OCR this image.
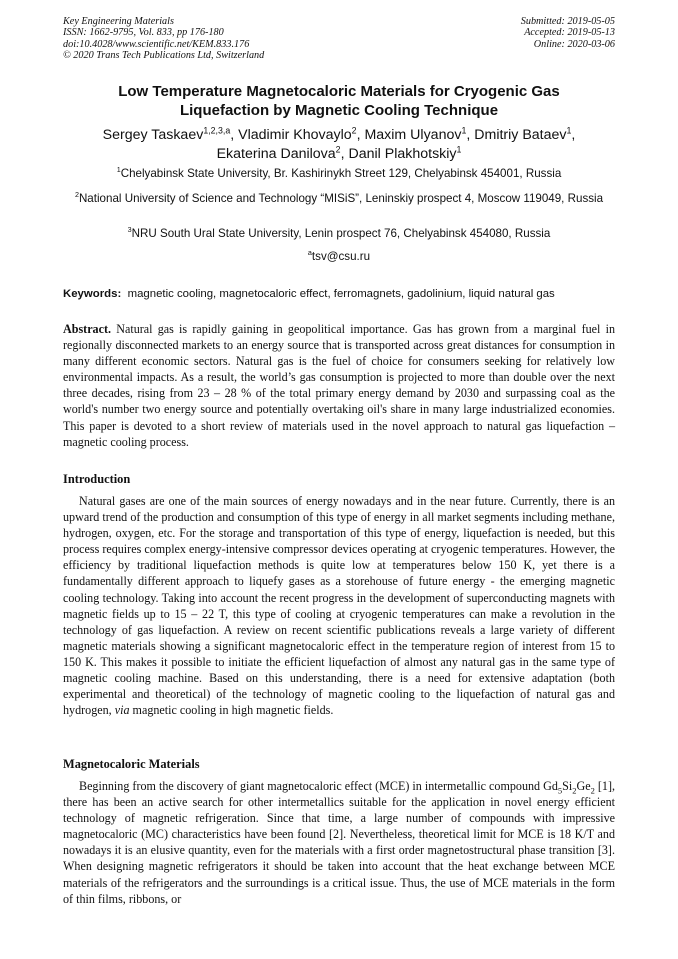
Key Engineering Materials
ISSN: 1662-9795, Vol. 833, pp 176-180
doi:10.4028/www.scientific.net/KEM.833.176
© 2020 Trans Tech Publications Ltd, Switzerland
Submitted: 2019-05-05
Accepted: 2019-05-13
Online: 2020-03-06
Low Temperature Magnetocaloric Materials for Cryogenic Gas
Liquefaction by Magnetic Cooling Technique
Sergey Taskaev$^{1,2,3,a}$, Vladimir Khovaylo$^2$, Maxim Ulyanov$^1$, Dmitriy Bataev$^1$,
Ekaterina Danilova$^2$, Danil Plakhotskiy$^1$
$^1$Chelyabinsk State University, Br. Kashirinykh Street 129, Chelyabinsk 454001, Russia
$^2$National University of Science and Technology “MISiS”, Leninskiy prospect 4, Moscow 119049, Russia
$^3$NRU South Ural State University, Lenin prospect 76, Chelyabinsk 454080, Russia
$^a$tsv@csu.ru
Keywords: magnetic cooling, magnetocaloric effect, ferromagnets, gadolinium, liquid natural gas
Abstract. Natural gas is rapidly gaining in geopolitical importance. Gas has grown from a marginal fuel in regionally disconnected markets to an energy source that is transported across great distances for consumption in many different economic sectors. Natural gas is the fuel of choice for consumers seeking for relatively low environmental impacts. As a result, the world’s gas consumption is projected to more than double over the next three decades, rising from 23 – 28 % of the total primary energy demand by 2030 and surpassing coal as the world's number two energy source and potentially overtaking oil's share in many large industrialized economies. This paper is devoted to a short review of materials used in the novel approach to natural gas liquefaction – magnetic cooling process.
Introduction
Natural gases are one of the main sources of energy nowadays and in the near future. Currently, there is an upward trend of the production and consumption of this type of energy in all market segments including methane, hydrogen, oxygen, etc. For the storage and transportation of this type of energy, liquefaction is needed, but this process requires complex energy-intensive compressor devices operating at cryogenic temperatures. However, the efficiency by traditional liquefaction methods is quite low at temperatures below 150 K, yet there is a fundamentally different approach to liquefy gases as a storehouse of future energy - the emerging magnetic cooling technology. Taking into account the recent progress in the development of superconducting magnets with magnetic fields up to 15 – 22 T, this type of cooling at cryogenic temperatures can make a revolution in the technology of gas liquefaction. A review on recent scientific publications reveals a large variety of different magnetic materials showing a significant magnetocaloric effect in the temperature region of interest from 15 to 150 K. This makes it possible to initiate the efficient liquefaction of almost any natural gas in the same type of magnetic cooling machine. Based on this understanding, there is a need for extensive adaptation (both experimental and theoretical) of the technology of magnetic cooling to the liquefaction of natural gas and hydrogen, via magnetic cooling in high magnetic fields.
Magnetocaloric Materials
Beginning from the discovery of giant magnetocaloric effect (MCE) in intermetallic compound $Gd_5Si_2Ge_2$ [1], there has been an active search for other intermetallics suitable for the application in novel energy efficient technology of magnetic refrigeration. Since that time, a large number of compounds with impressive magnetocaloric (MC) characteristics have been found [2]. Nevertheless, theoretical limit for MCE is 18 K/T and nowadays it is an elusive quantity, even for the materials with a first order magnetostructural phase transition [3]. When designing magnetic refrigerators it should be taken into account that the heat exchange between MCE materials of the refrigerators and the surroundings is a critical issue. Thus, the use of MCE materials in the form of thin films, ribbons, or
